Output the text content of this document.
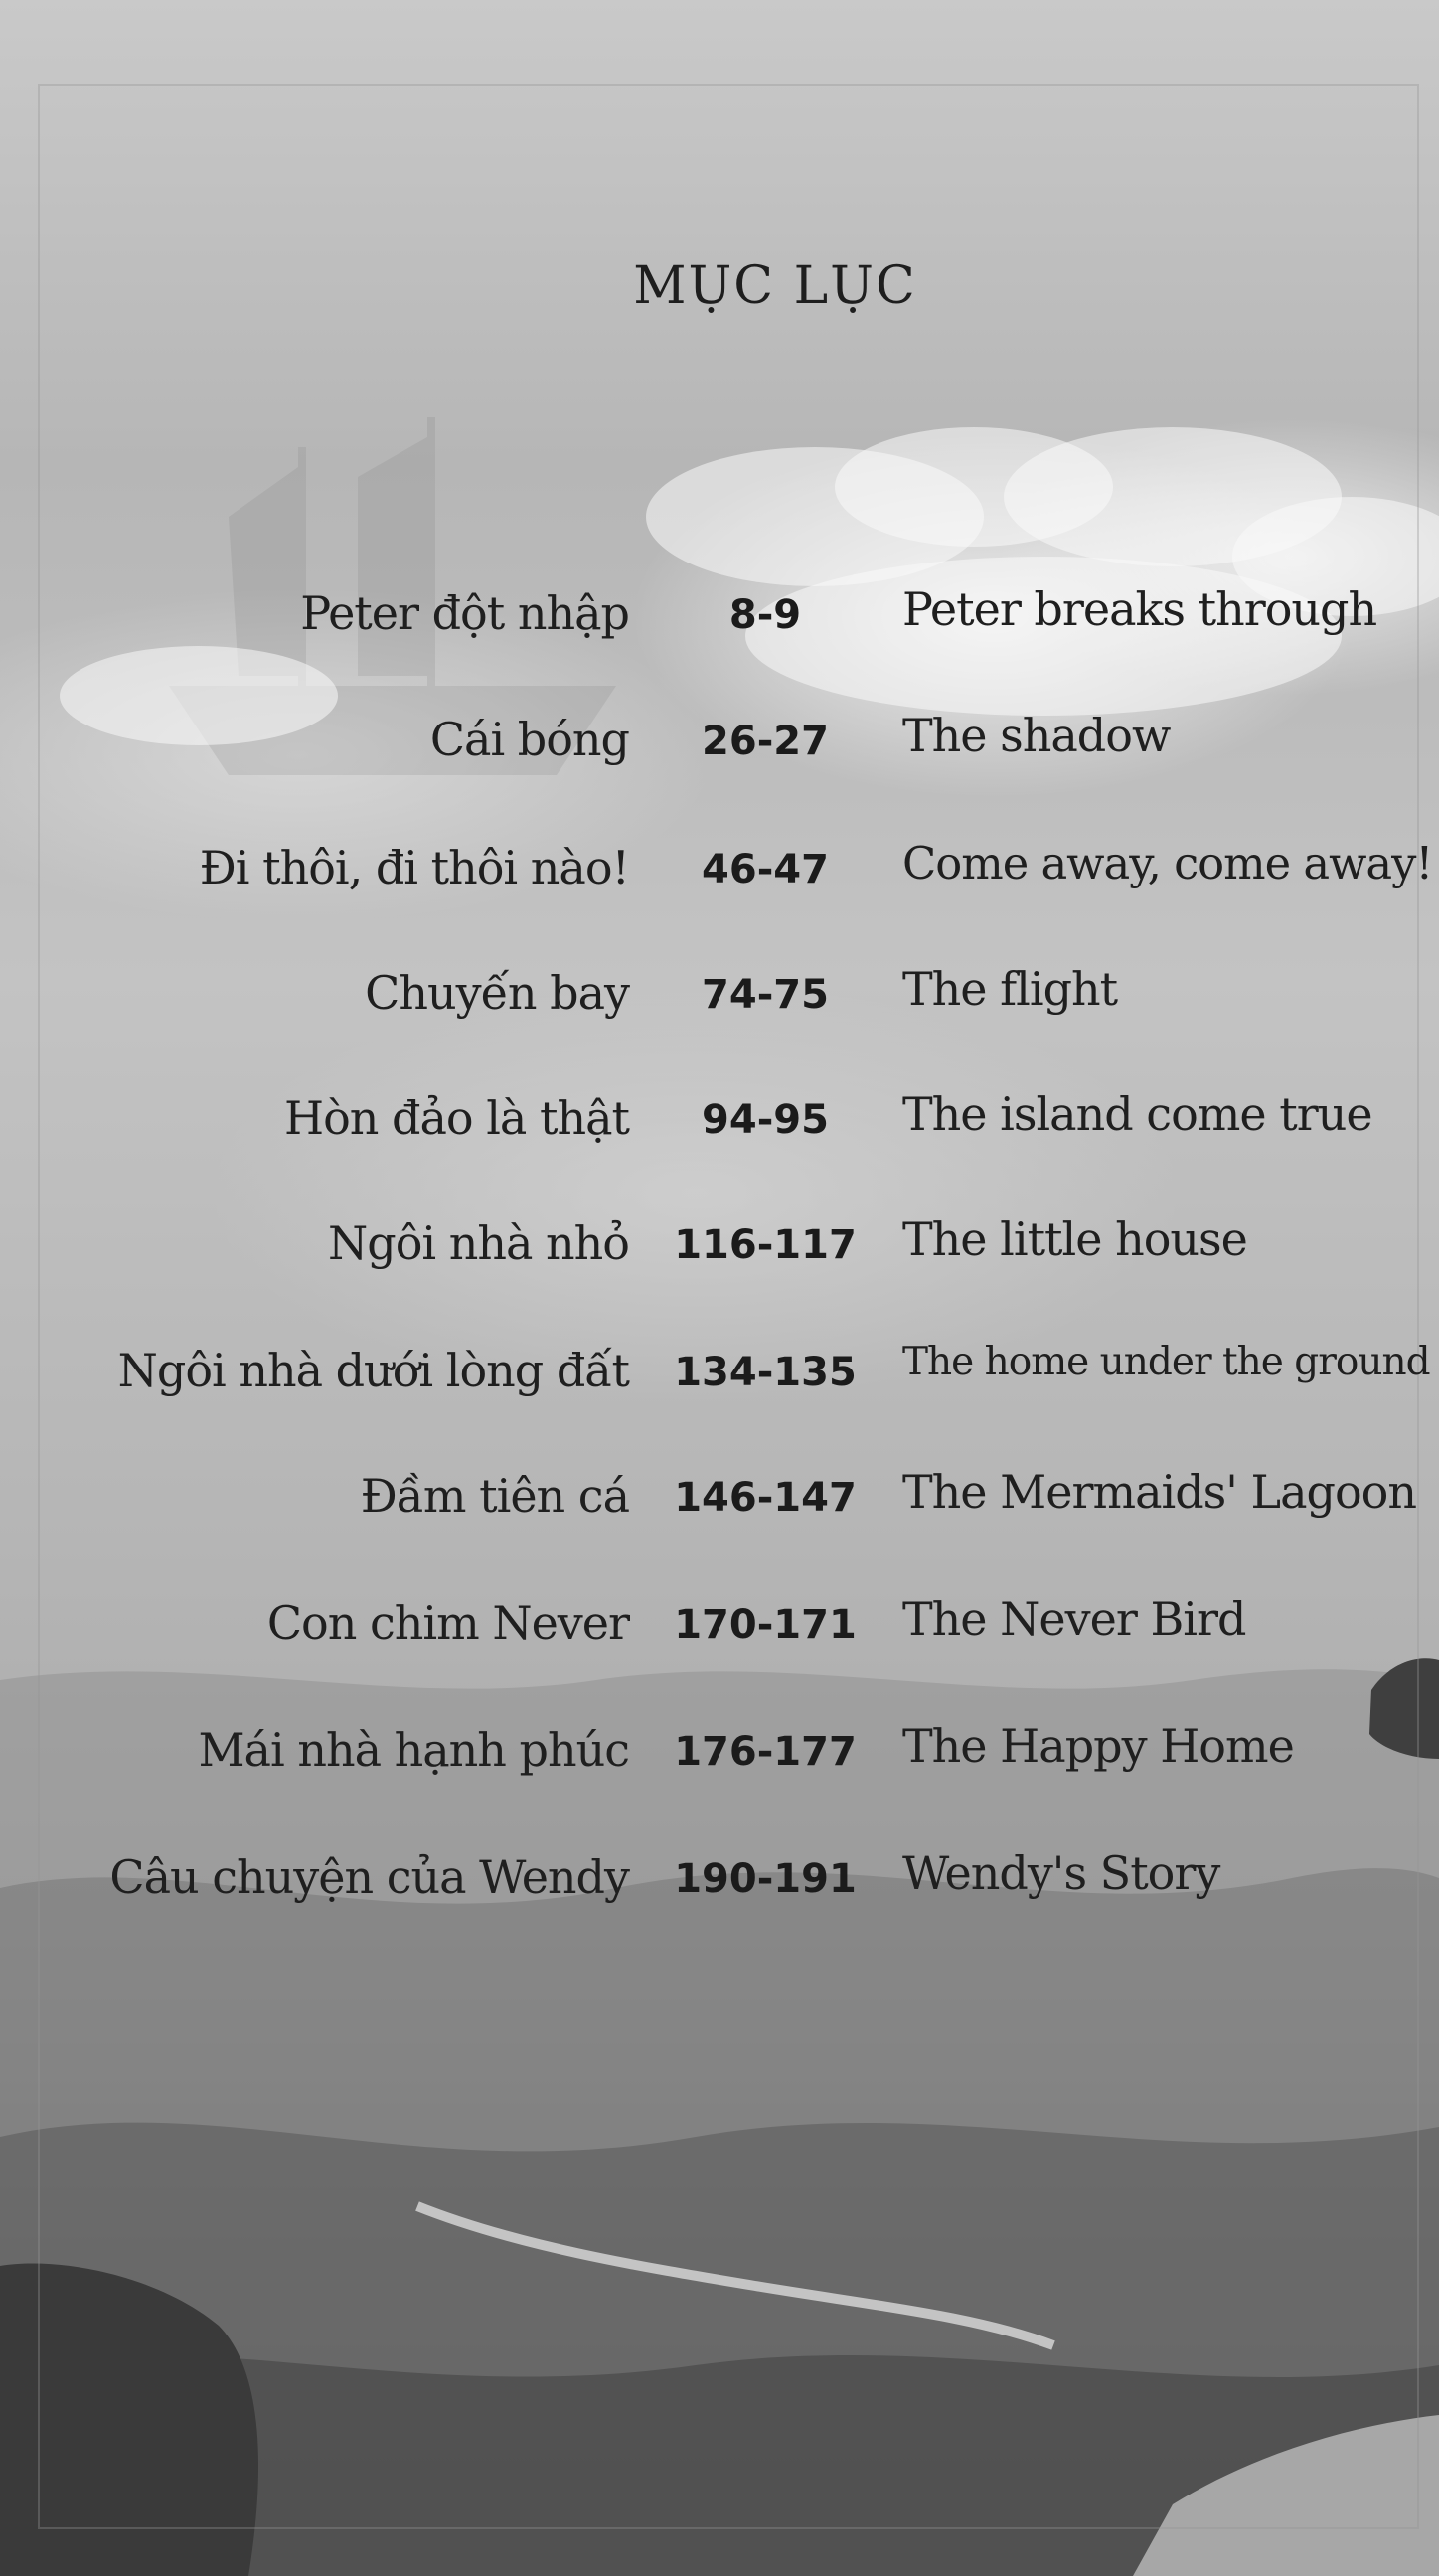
MỤC LỤC
Peter đột nhập	8-9	Peter breaks through
Cái bóng	26-27	The shadow
Đi thôi, đi thôi nào!	46-47	Come away, come away!
Chuyến bay	74-75	The flight
Hòn đảo là thật	94-95	The island come true
Ngôi nhà nhỏ	116-117 The little house
Ngôi nhà dưới lòng đất	134-135	The home under the ground
Đầm tiên cá	146-147 The Mermaids' Lagoon
Con chim Never	170-171 The Never Bird
Mái nhà hạnh phúc	176-177 The Happy Home
Câu chuyện của Wendy	190-191 Wendy's Story
